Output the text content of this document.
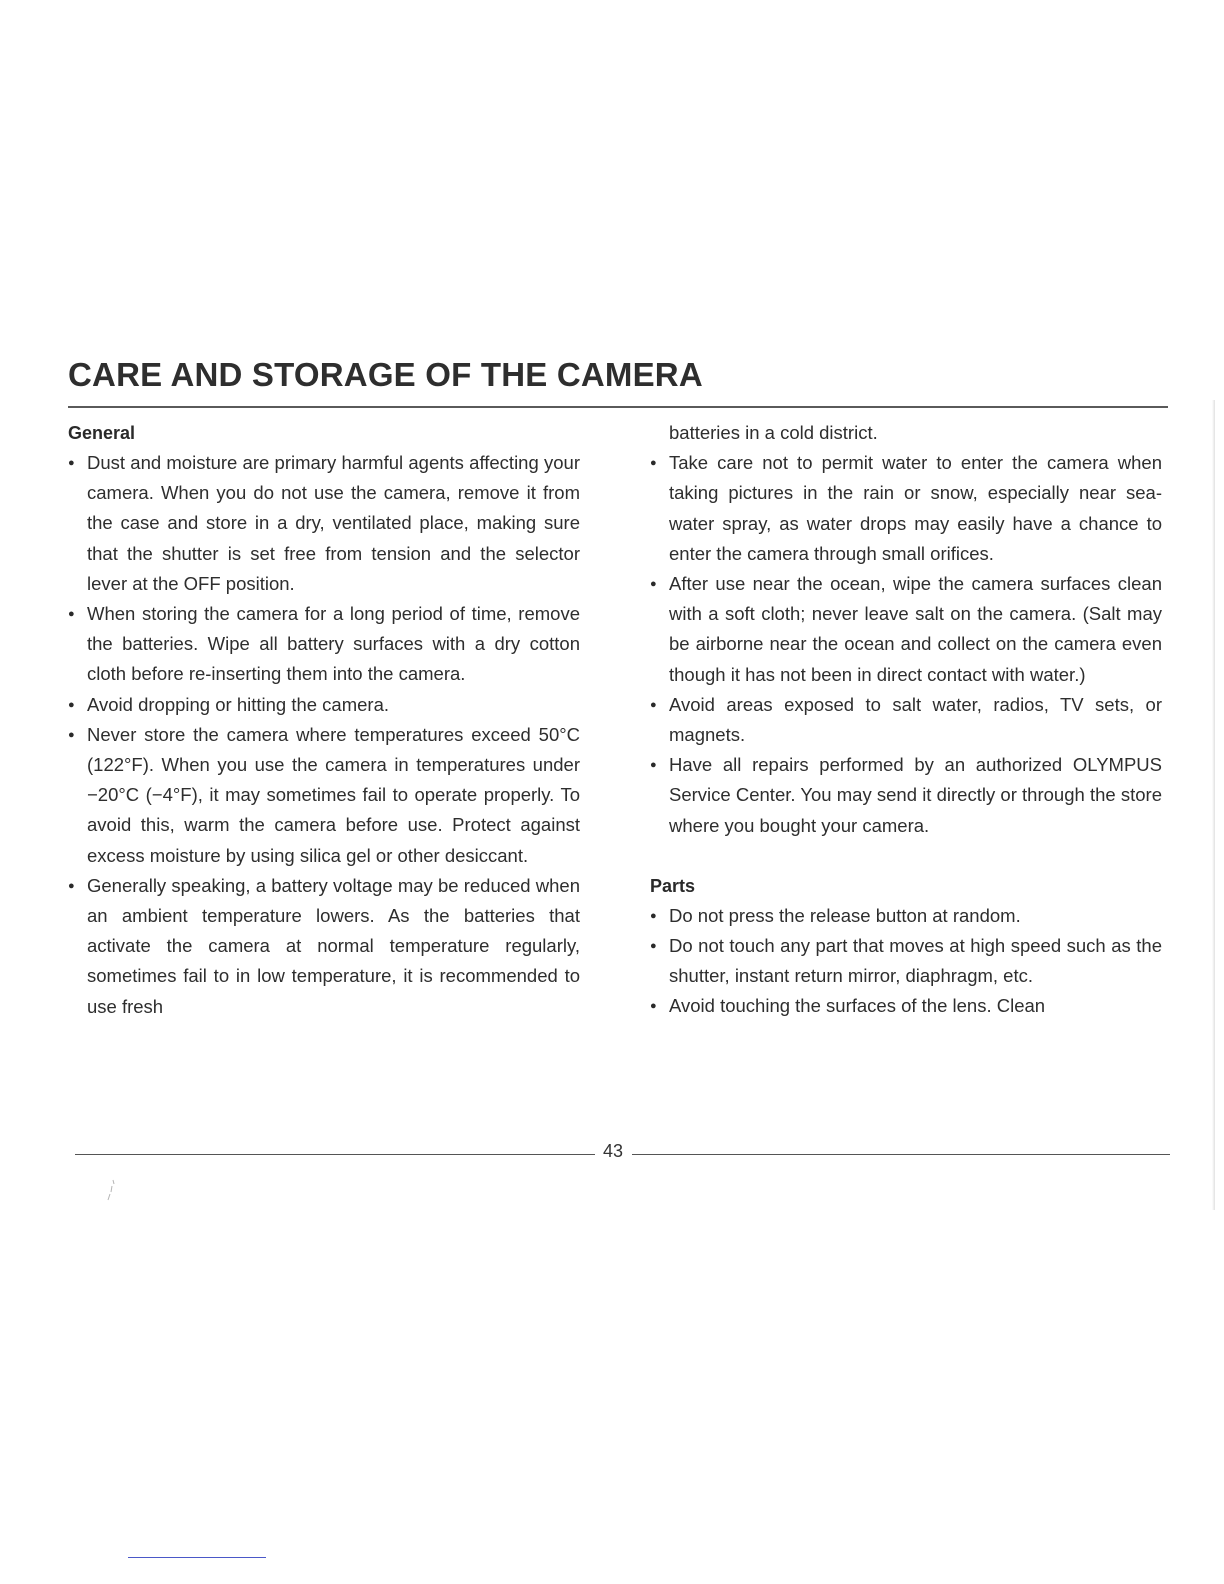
CARE AND STORAGE OF THE CAMERA
General
● Dust and moisture are primary harmful agents affecting your camera. When you do not use the camera, remove it from the case and store in a dry, ventilated place, making sure that the shutter is set free from tension and the selector lever at the OFF position.
● When storing the camera for a long period of time, remove the batteries. Wipe all battery surfaces with a dry cotton cloth before re-inserting them into the camera.
● Avoid dropping or hitting the camera.
● Never store the camera where temperatures exceed 50°C (122°F). When you use the camera in temperatures under −20°C (−4°F), it may sometimes fail to operate properly. To avoid this, warm the camera before use. Protect against excess moisture by using silica gel or other desiccant.
● Generally speaking, a battery voltage may be reduced when an ambient temperature lowers. As the batteries that activate the camera at normal temperature regularly, sometimes fail to in low temperature, it is recommended to use fresh

batteries in a cold district.

● Take care not to permit water to enter the camera when taking pictures in the rain or snow, especially near sea-water spray, as water drops may easily have a chance to enter the camera through small orifices.
● After use near the ocean, wipe the camera surfaces clean with a soft cloth; never leave salt on the camera. (Salt may be airborne near the ocean and collect on the camera even though it has not been in direct contact with water.)
● Avoid areas exposed to salt water, radios, TV sets, or magnets.
● Have all repairs performed by an authorized OLYMPUS Service Center. You may send it directly or through the store where you bought your camera.
Parts
● Do not press the release button at random.
● Do not touch any part that moves at high speed such as the shutter, instant return mirror, diaphragm, etc.
● Avoid touching the surfaces of the lens. Clean
43
